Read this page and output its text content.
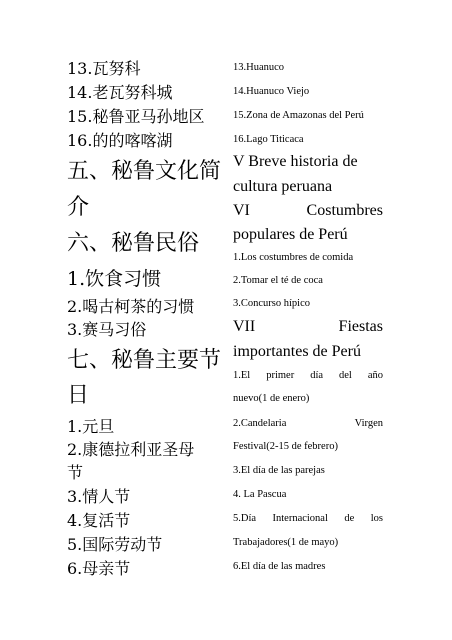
13.瓦努科
14.老瓦努科城
15.秘鲁亚马孙地区
16.的的喀喀湖
五、秘鲁文化简
介
六、秘鲁民俗
1.饮食习惯
2.喝古柯茶的习惯
3.赛马习俗
七、秘鲁主要节
日
1.元旦
2.康德拉利亚圣母
节
3.情人节
4.复活节
5.国际劳动节
6.母亲节
13.Huanuco
14.Huanuco Viejo
15.Zona de Amazonas del Perú
16.Lago Titicaca
V Breve historia de
cultura peruana
VI	Costumbres
populares de Perú
1.Los costumbres de comida
2.Tomar el té de coca
3.Concurso hípico
VII	Fiestas
importantes de Perú
1.El primer día del año
nuevo(1 de enero)
2.Candelaria	Virgen
Festival(2-15 de febrero)
3.El día de las parejas
4. La Pascua
5.Día Internacional de los
Trabajadores(1 de mayo)
6.El día de las madres
